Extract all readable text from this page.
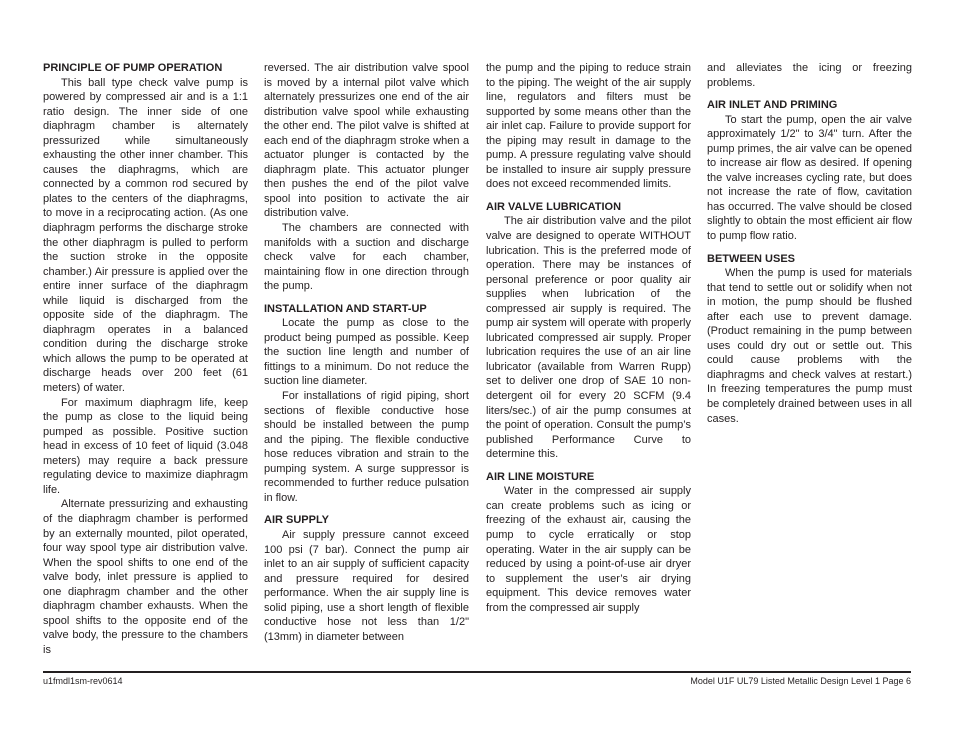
PRINCIPLE OF PUMP OPERATION

This ball type check valve pump is powered by compressed air and is a 1:1 ratio design. The inner side of one diaphragm chamber is alternately pressurized while simultaneously exhausting the other inner chamber. This causes the diaphragms, which are connected by a common rod secured by plates to the centers of the diaphragms, to move in a reciprocating action. (As one diaphragm performs the discharge stroke the other diaphragm is pulled to perform the suction stroke in the opposite chamber.) Air pressure is applied over the entire inner surface of the diaphragm while liquid is discharged from the opposite side of the diaphragm. The diaphragm operates in a balanced condition during the discharge stroke which allows the pump to be operated at discharge heads over 200 feet (61 meters) of water.

For maximum diaphragm life, keep the pump as close to the liquid being pumped as possible. Positive suction head in excess of 10 feet of liquid (3.048 meters) may require a back pressure regulating device to maximize diaphragm life.

Alternate pressurizing and exhausting of the diaphragm chamber is performed by an externally mounted, pilot operated, four way spool type air distribution valve. When the spool shifts to one end of the valve body, inlet pressure is applied to one diaphragm chamber and the other diaphragm chamber exhausts. When the spool shifts to the opposite end of the valve body, the pressure to the chambers is

reversed. The air distribution valve spool is moved by a internal pilot valve which alternately pressurizes one end of the air distribution valve spool while exhausting the other end. The pilot valve is shifted at each end of the diaphragm stroke when a actuator plunger is contacted by the diaphragm plate. This actuator plunger then pushes the end of the pilot valve spool into position to activate the air distribution valve.

The chambers are connected with manifolds with a suction and discharge check valve for each chamber, maintaining flow in one direction through the pump.

INSTALLATION AND START-UP

Locate the pump as close to the product being pumped as possible. Keep the suction line length and number of fittings to a minimum. Do not reduce the suction line diameter.

For installations of rigid piping, short sections of flexible conductive hose should be installed between the pump and the piping. The flexible conductive hose reduces vibration and strain to the pumping system. A surge suppressor is recommended to further reduce pulsation in flow.

AIR SUPPLY

Air supply pressure cannot exceed 100 psi (7 bar). Connect the pump air inlet to an air supply of sufficient capacity and pressure required for desired performance. When the air supply line is solid piping, use a short length of flexible conductive hose not less than 1/2" (13mm) in diameter between

the pump and the piping to reduce strain to the piping. The weight of the air supply line, regulators and filters must be supported by some means other than the air inlet cap. Failure to provide support for the piping may result in damage to the pump. A pressure regulating valve should be installed to insure air supply pressure does not exceed recommended limits.

AIR VALVE LUBRICATION

The air distribution valve and the pilot valve are designed to operate WITHOUT lubrication. This is the preferred mode of operation. There may be instances of personal preference or poor quality air supplies when lubrication of the compressed air supply is required. The pump air system will operate with properly lubricated compressed air supply. Proper lubrication requires the use of an air line lubricator (available from Warren Rupp) set to deliver one drop of SAE 10 non-detergent oil for every 20 SCFM (9.4 liters/sec.) of air the pump consumes at the point of operation. Consult the pump’s published Performance Curve to determine this.

AIR LINE MOISTURE

Water in the compressed air supply can create problems such as icing or freezing of the exhaust air, causing the pump to cycle erratically or stop operating. Water in the air supply can be reduced by using a point-of-use air dryer to supplement the user’s air drying equipment. This device removes water from the compressed air supply

and alleviates the icing or freezing problems.

AIR INLET AND PRIMING

To start the pump, open the air valve approximately 1/2" to 3/4" turn. After the pump primes, the air valve can be opened to increase air flow as desired. If opening the valve increases cycling rate, but does not increase the rate of flow, cavitation has occurred. The valve should be closed slightly to obtain the most efficient air flow to pump flow ratio.

BETWEEN USES

When the pump is used for materials that tend to settle out or solidify when not in motion, the pump should be flushed after each use to prevent damage. (Product remaining in the pump between uses could dry out or settle out. This could cause problems with the diaphragms and check valves at restart.) In freezing temperatures the pump must be completely drained between uses in all cases.

u1fmdl1sm-rev0614	Model U1F UL79 Listed Metallic Design Level 1 Page 6
